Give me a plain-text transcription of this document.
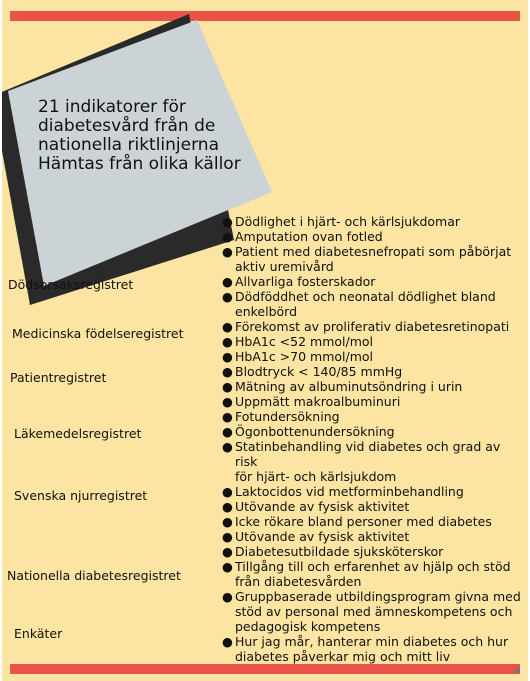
21 indikatorer för
diabetesvård från de
nationella riktlinjerna
Hämtas från olika källor
Dödsorsaksregistret
Medicinska födelseregistret
Patientregistret
Läkemedelsregistret
Svenska njurregistret
Nationella diabetesregistret
Enkäter
● Dödlighet i hjärt- och kärlsjukdomar
● Amputation ovan fotled
● Patient med diabetesnefropati som påbörjat
aktiv uremivård
● Allvarliga fosterskador
● Dödföddhet och neonatal dödlighet bland
enkelbörd
● Förekomst av proliferativ diabetesretinopati
● HbA1c <52 mmol/mol
● HbA1c >70 mmol/mol
● Blodtryck < 140/85 mmHg
● Mätning av albuminutsöndring i urin
● Uppmätt makroalbuminuri
● Fotundersökning
● Ögonbottenundersökning
● Statinbehandling vid diabetes och grad av risk
för hjärt- och kärlsjukdom
● Laktocidos vid metforminbehandling
● Utövande av fysisk aktivitet
● Icke rökare bland personer med diabetes
● Utövande av fysisk aktivitet
● Diabetesutbildade sjuksköterskor
● Tillgång till och erfarenhet av hjälp och stöd
från diabetesvården
● Gruppbaserade utbildingsprogram givna med
stöd av personal med ämneskompetens och
pedagogisk kompetens
● Hur jag mår, hanterar min diabetes och hur
diabetes påverkar mig och mitt liv
